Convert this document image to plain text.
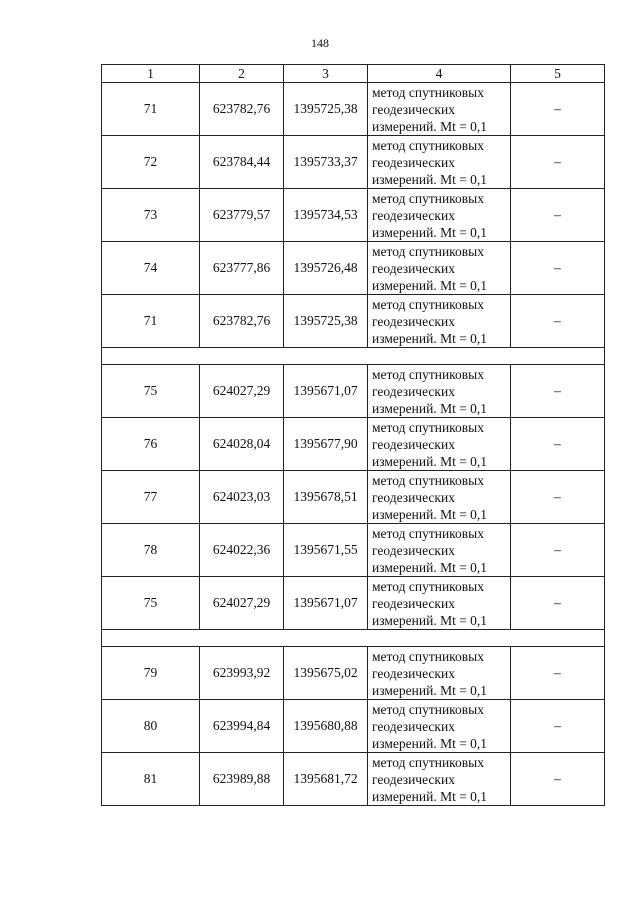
148
1	2	3	4	5
71	623782,76	1395725,38	метод спутниковых
геодезических
измерений. Mt = 0,1	–
72	623784,44	1395733,37	метод спутниковых
геодезических
измерений. Mt = 0,1	–
73	623779,57	1395734,53	метод спутниковых
геодезических
измерений. Mt = 0,1	–
74	623777,86	1395726,48	метод спутниковых
геодезических
измерений. Mt = 0,1	–
71	623782,76	1395725,38	метод спутниковых
геодезических
измерений. Mt = 0,1	–

75	624027,29	1395671,07	метод спутниковых
геодезических
измерений. Mt = 0,1	–
76	624028,04	1395677,90	метод спутниковых
геодезических
измерений. Mt = 0,1	–
77	624023,03	1395678,51	метод спутниковых
геодезических
измерений. Mt = 0,1	–
78	624022,36	1395671,55	метод спутниковых
геодезических
измерений. Mt = 0,1	–
75	624027,29	1395671,07	метод спутниковых
геодезических
измерений. Mt = 0,1	–

79	623993,92	1395675,02	метод спутниковых
геодезических
измерений. Mt = 0,1	–
80	623994,84	1395680,88	метод спутниковых
геодезических
измерений. Mt = 0,1	–
81	623989,88	1395681,72	метод спутниковых
геодезических
измерений. Mt = 0,1	–
